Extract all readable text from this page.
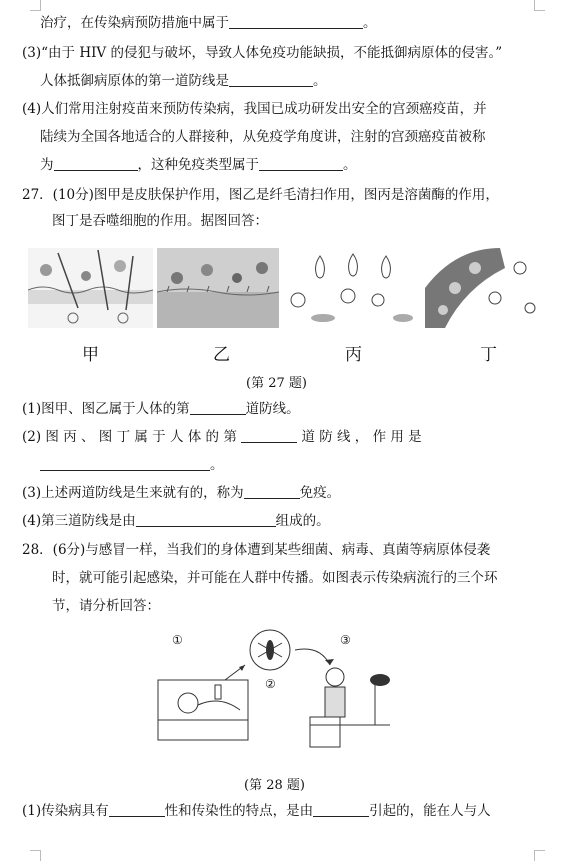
治疗，在传染病预防措施中属于	。
(3)“由于 HIV 的侵犯与破坏，导致人体免疫功能缺损，不能抵御病原体的侵害。”
人体抵御病原体的第一道防线是	。
(4)人们常用注射疫苗来预防传染病，我国已成功研发出安全的宫颈癌疫苗，并
陆续为全国各地适合的人群接种，从免疫学角度讲，注射的宫颈癌疫苗被称
为	，这种免疫类型属于	。
27．(10分)图甲是皮肤保护作用，图乙是纤毛清扫作用，图丙是溶菌酶的作用，
图丁是吞噬细胞的作用。据图回答：
甲	乙	丙	丁
(第 27 题)
(1)图甲、图乙属于人体的第	道防线。
(2) 图 丙 、 图 丁 属 于 人 体 的 第	道 防 线 ， 作 用 是
。
(3)上述两道防线是生来就有的，称为	免疫。
(4)第三道防线是由	组成的。
28．(6分)与感冒一样，当我们的身体遭到某些细菌、病毒、真菌等病原体侵袭
时，就可能引起感染，并可能在人群中传播。如图表示传染病流行的三个环
节，请分析回答：
①
②
③
(第 28 题)
(1)传染病具有	性和传染性的特点，是由	引起的，能在人与人
